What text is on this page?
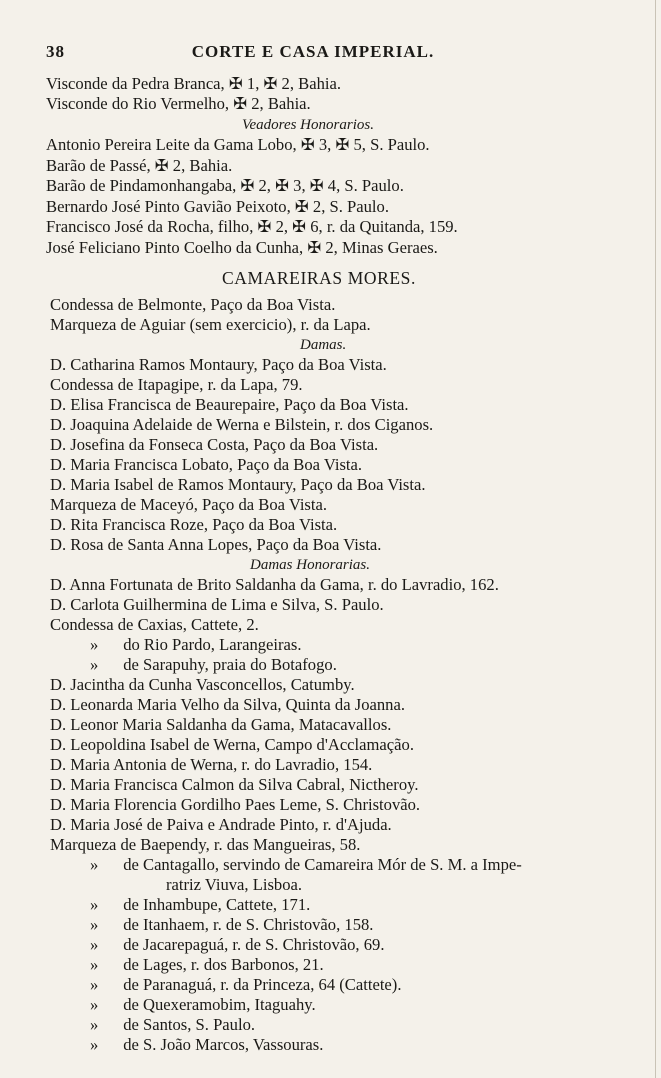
38	CORTE E CASA IMPERIAL.
Visconde da Pedra Branca, ✠ 1, ✠ 2, Bahia.
Visconde do Rio Vermelho, ✠ 2, Bahia.
Veadores Honorarios.
Antonio Pereira Leite da Gama Lobo, ✠ 3, ✠ 5, S. Paulo.
Barão de Passé, ✠ 2, Bahia.
Barão de Pindamonhangaba, ✠ 2, ✠ 3, ✠ 4, S. Paulo.
Bernardo José Pinto Gavião Peixoto, ✠ 2, S. Paulo.
Francisco José da Rocha, filho, ✠ 2, ✠ 6, r. da Quitanda, 159.
José Feliciano Pinto Coelho da Cunha, ✠ 2, Minas Geraes.
CAMAREIRAS MORES.
Condessa de Belmonte, Paço da Boa Vista.
Marqueza de Aguiar (sem exercicio), r. da Lapa.
Damas.
D. Catharina Ramos Montaury, Paço da Boa Vista.
Condessa de Itapagipe, r. da Lapa, 79.
D. Elisa Francisca de Beaurepaire, Paço da Boa Vista.
D. Joaquina Adelaide de Werna e Bilstein, r. dos Ciganos.
D. Josefina da Fonseca Costa, Paço da Boa Vista.
D. Maria Francisca Lobato, Paço da Boa Vista.
D. Maria Isabel de Ramos Montaury, Paço da Boa Vista.
Marqueza de Maceyó, Paço da Boa Vista.
D. Rita Francisca Roze, Paço da Boa Vista.
D. Rosa de Santa Anna Lopes, Paço da Boa Vista.
Damas Honorarias.
D. Anna Fortunata de Brito Saldanha da Gama, r. do Lavradio, 162.
D. Carlota Guilhermina de Lima e Silva, S. Paulo.
Condessa de Caxias, Cattete, 2.
»      do Rio Pardo, Larangeiras.
»      de Sarapuhy, praia do Botafogo.
D. Jacintha da Cunha Vasconcellos, Catumby.
D. Leonarda Maria Velho da Silva, Quinta da Joanna.
D. Leonor Maria Saldanha da Gama, Matacavallos.
D. Leopoldina Isabel de Werna, Campo d'Acclamação.
D. Maria Antonia de Werna, r. do Lavradio, 154.
D. Maria Francisca Calmon da Silva Cabral, Nictheroy.
D. Maria Florencia Gordilho Paes Leme, S. Christovão.
D. Maria José de Paiva e Andrade Pinto, r. d'Ajuda.
Marqueza de Baependy, r. das Mangueiras, 58.
»      de Cantagallo, servindo de Camareira Mór de S. M. a Impe-
ratriz Viuva, Lisboa.
»      de Inhambupe, Cattete, 171.
»      de Itanhaem, r. de S. Christovão, 158.
»      de Jacarepaguá, r. de S. Christovão, 69.
»      de Lages, r. dos Barbonos, 21.
»      de Paranaguá, r. da Princeza, 64 (Cattete).
»      de Quexeramobim, Itaguahy.
»      de Santos, S. Paulo.
»      de S. João Marcos, Vassouras.
